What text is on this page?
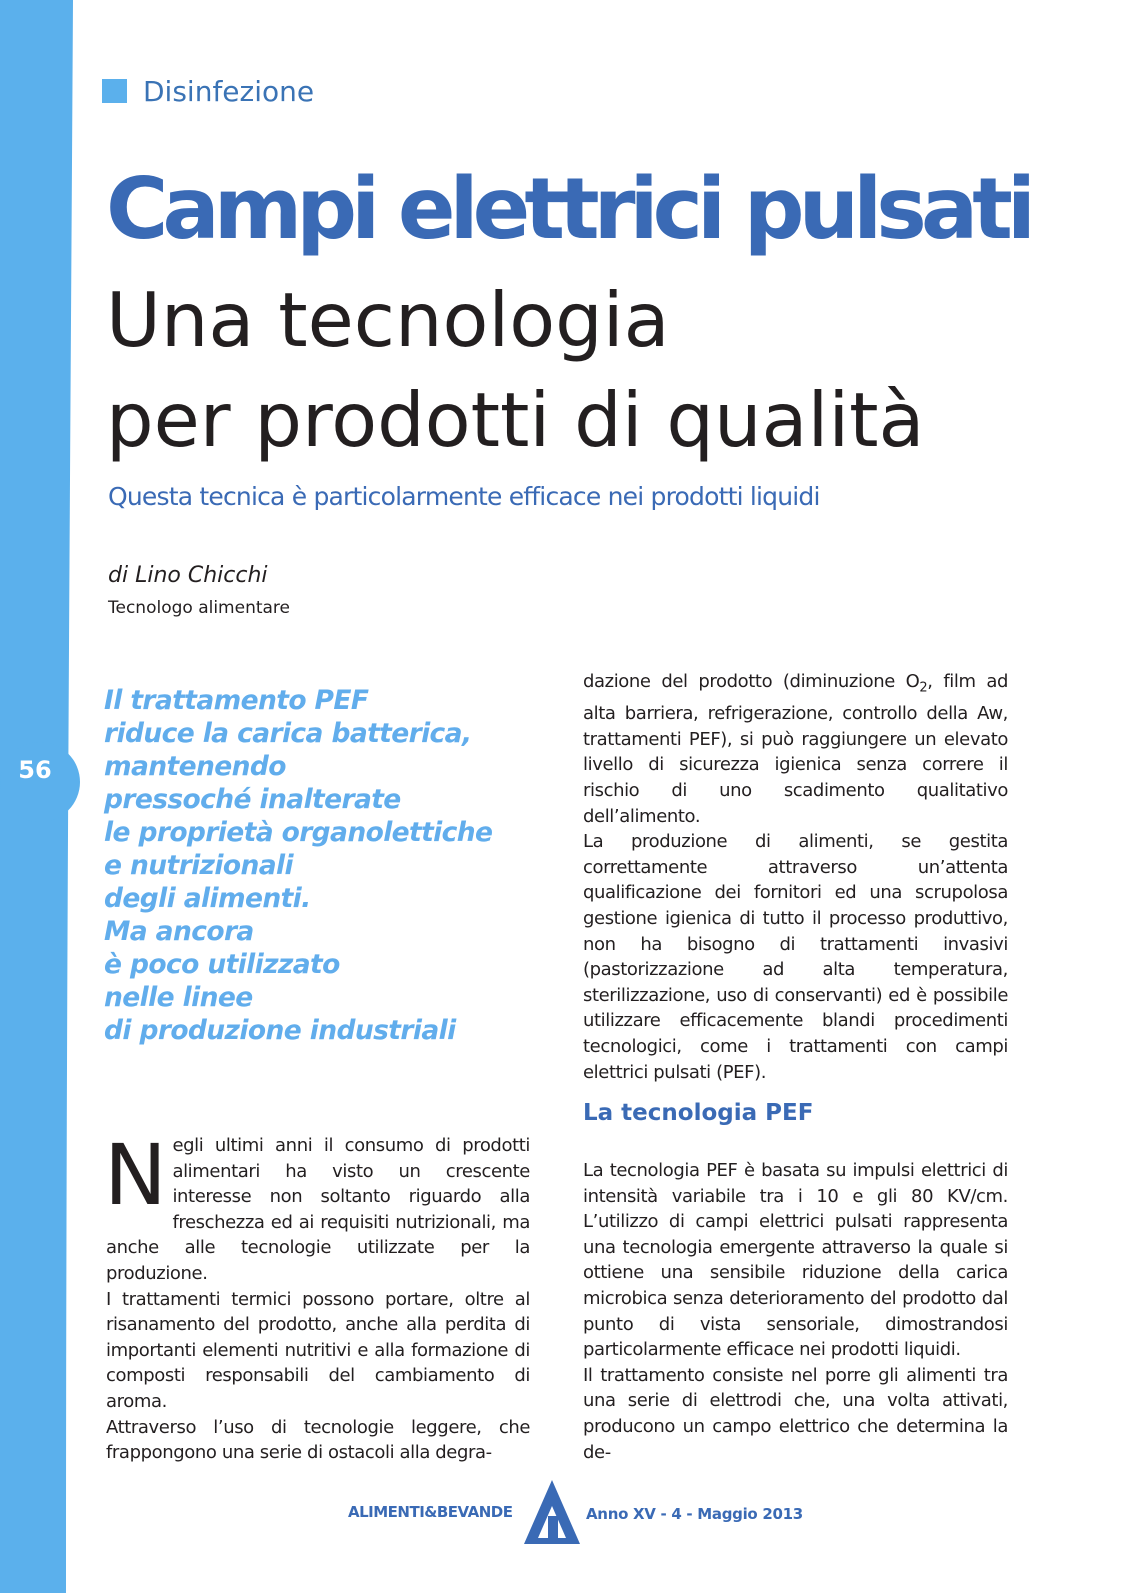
56
Disinfezione
Campi elettrici pulsati
Una tecnologia
per prodotti di qualità
Questa tecnica è particolarmente efficace nei prodotti liquidi
di Lino Chicchi
Tecnologo alimentare
Il trattamento PEF
riduce la carica batterica,
mantenendo
pressoché inalterate
le proprietà organolettiche
e nutrizionali
degli alimenti.
Ma ancora
è poco utilizzato
nelle linee
di produzione industriali

Negli ultimi anni il consumo di prodotti alimentari ha visto un crescente interesse non soltanto riguardo alla freschezza ed ai requisiti nutrizionali, ma anche alle tecnologie utilizzate per la produzione.

I trattamenti termici possono portare, oltre al risanamento del prodotto, anche alla perdita di importanti elementi nutritivi e alla formazione di composti responsabili del cambiamento di aroma.

Attraverso l’uso di tecnologie leggere, che frappongono una serie di ostacoli alla degra-

dazione del prodotto (diminuzione $O_2$, film ad alta barriera, refrigerazione, controllo della Aw, trattamenti PEF), si può raggiungere un elevato livello di sicurezza igienica senza correre il rischio di uno scadimento qualitativo dell’alimento.

La produzione di alimenti, se gestita correttamente attraverso un’attenta qualificazione dei fornitori ed una scrupolosa gestione igienica di tutto il processo produttivo, non ha bisogno di trattamenti invasivi (pastorizzazione ad alta temperatura, sterilizzazione, uso di conservanti) ed è possibile utilizzare efficacemente blandi procedimenti tecnologici, come i trattamenti con campi elettrici pulsati (PEF).

La tecnologia PEF

La tecnologia PEF è basata su impulsi elettrici di intensità variabile tra i 10 e gli 80 KV/cm. L’utilizzo di campi elettrici pulsati rappresenta una tecnologia emergente attraverso la quale si ottiene una sensibile riduzione della carica microbica senza deterioramento del prodotto dal punto di vista sensoriale, dimostrandosi particolarmente efficace nei prodotti liquidi.

Il trattamento consiste nel porre gli alimenti tra una serie di elettrodi che, una volta attivati, producono un campo elettrico che determina la de-

ALIMENTI&BEVANDE	Anno XV - 4 - Maggio 2013
